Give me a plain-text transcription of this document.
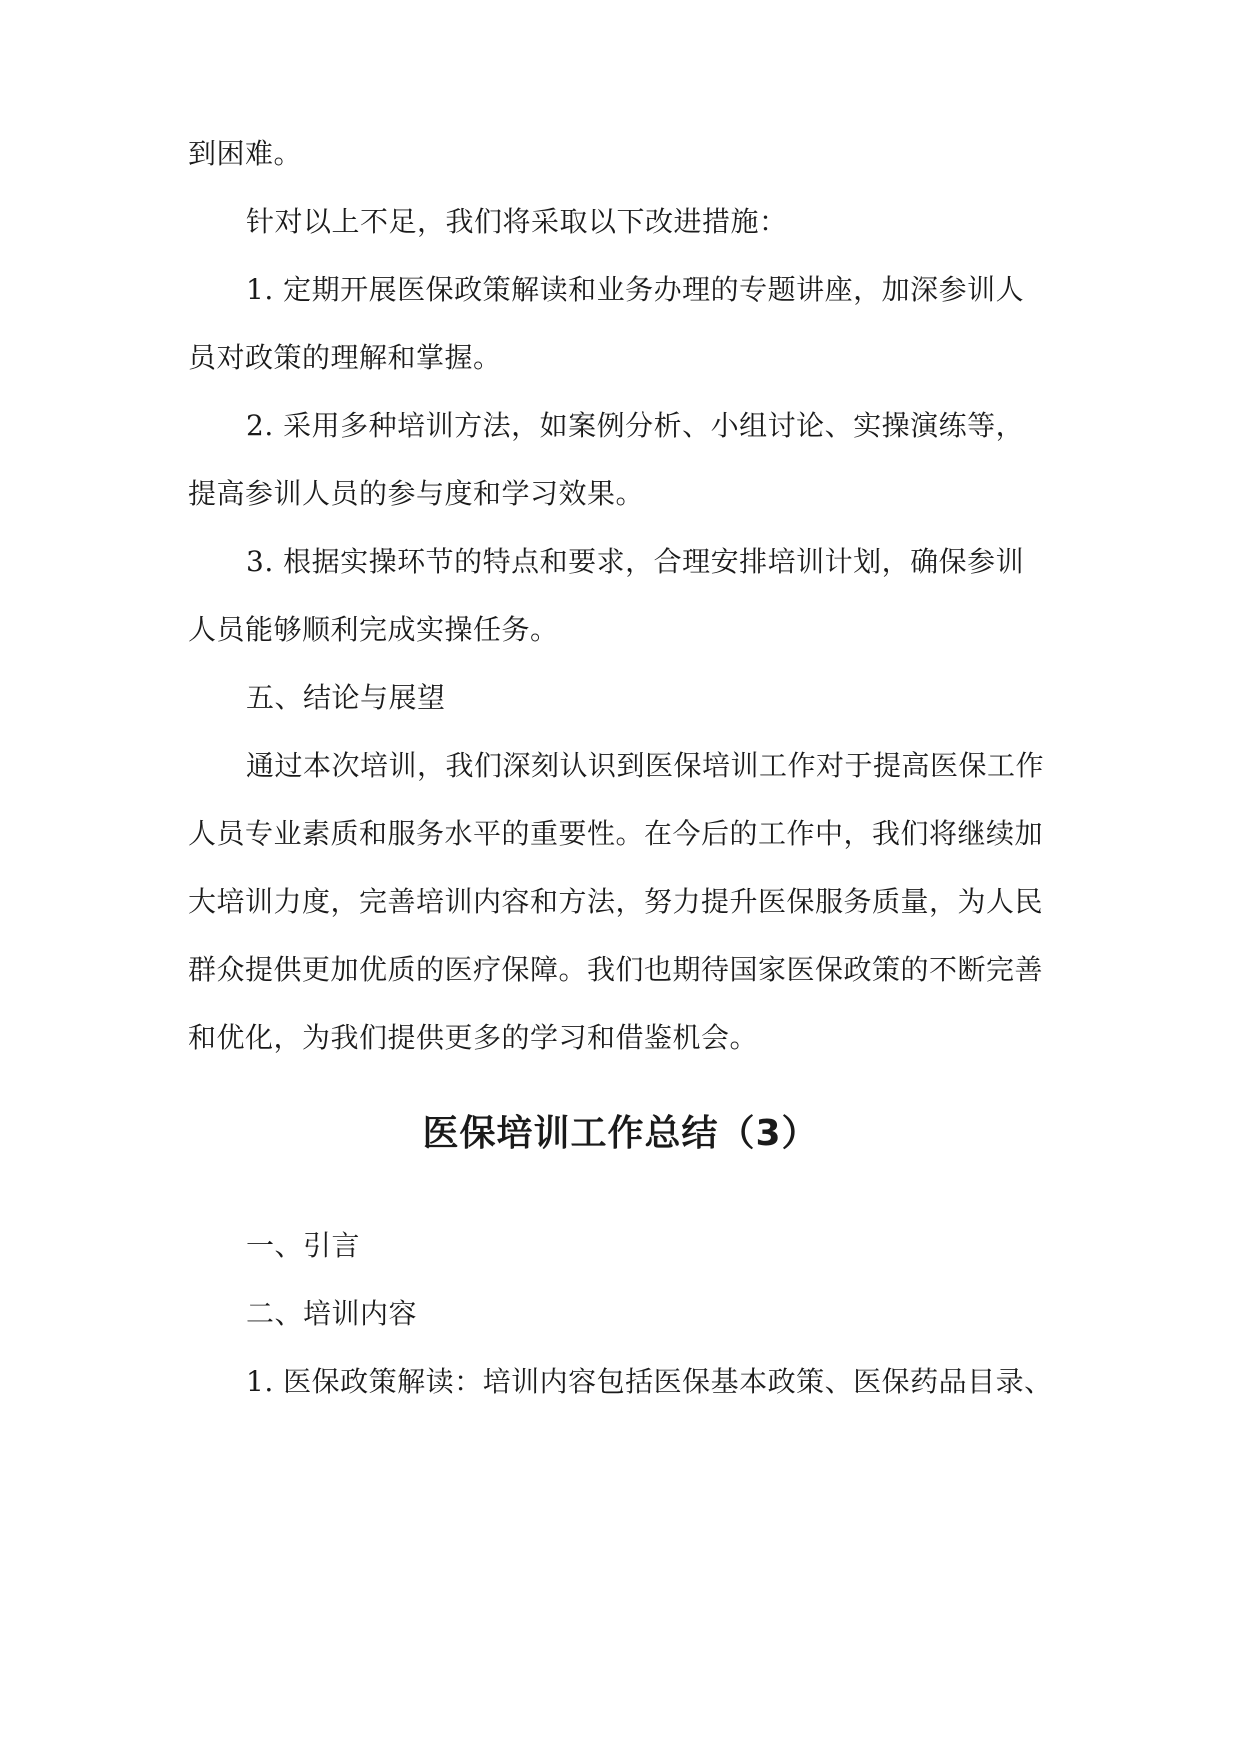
到困难。
针对以上不足，我们将采取以下改进措施：
1. 定期开展医保政策解读和业务办理的专题讲座，加深参训人
员对政策的理解和掌握。
2. 采用多种培训方法，如案例分析、小组讨论、实操演练等，
提高参训人员的参与度和学习效果。
3. 根据实操环节的特点和要求，合理安排培训计划，确保参训
人员能够顺利完成实操任务。
五、结论与展望
通过本次培训，我们深刻认识到医保培训工作对于提高医保工作
人员专业素质和服务水平的重要性。在今后的工作中，我们将继续加
大培训力度，完善培训内容和方法，努力提升医保服务质量，为人民
群众提供更加优质的医疗保障。我们也期待国家医保政策的不断完善
和优化，为我们提供更多的学习和借鉴机会。
医保培训工作总结（3）
一、引言
二、培训内容
1. 医保政策解读：培训内容包括医保基本政策、医保药品目录、
